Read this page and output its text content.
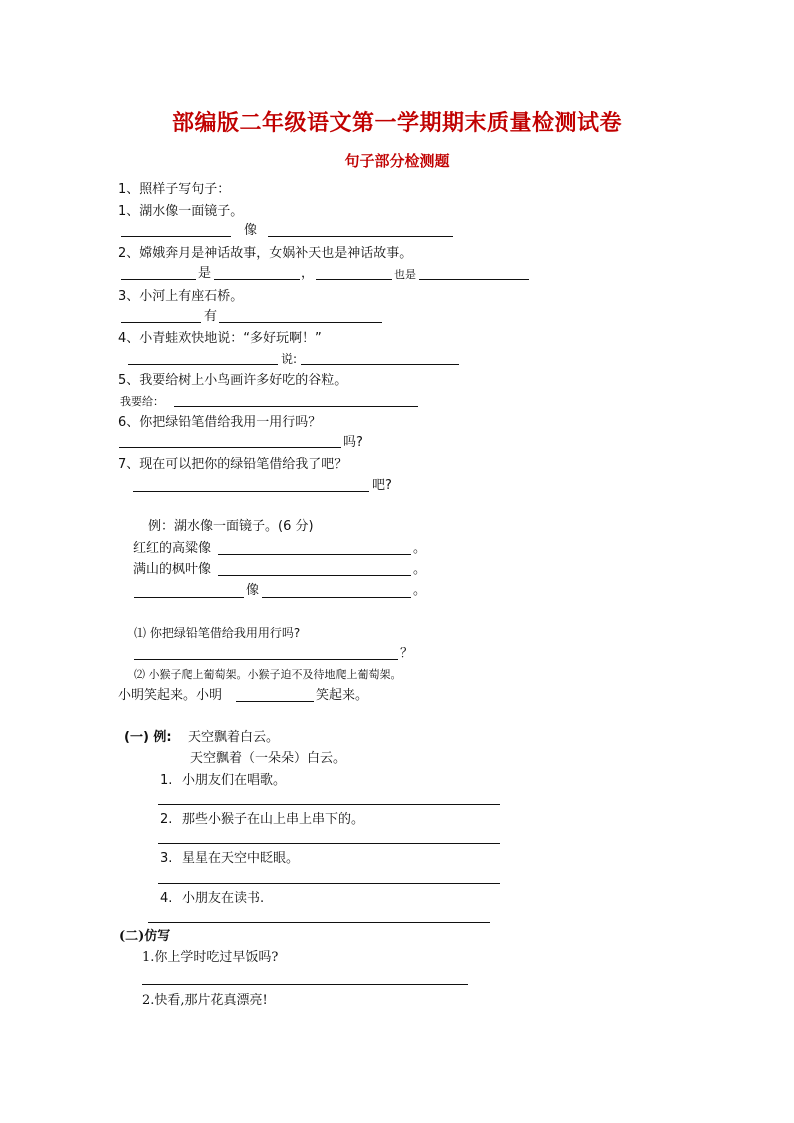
部编版二年级语文第一学期期末质量检测试卷
句子部分检测题
1、照样子写句子：
1、湖水像一面镜子。
像
2、嫦娥奔月是神话故事，女娲补天也是神话故事。
是	，	也是
3、小河上有座石桥。
有
4、小青蛙欢快地说：“多好玩啊！”
说:
5、我要给树上小鸟画许多好吃的谷粒。
我要给：
6、你把绿铅笔借给我用一用行吗？
吗?
7、现在可以把你的绿铅笔借给我了吧？
吧?
例：湖水像一面镜子。(6 分)
红红的高粱像	。
满山的枫叶像	。
像	。
⑴ 你把绿铅笔借给我用用行吗?
？
⑵ 小猴子爬上葡萄架。小猴子迫不及待地爬上葡萄架。
小明笑起来。小明	笑起来。
(一) 例: 天空飘着白云。
天空飘着（一朵朵）白云。
1. 小朋友们在唱歌。
2. 那些小猴子在山上串上串下的。
3. 星星在天空中眨眼。
4. 小朋友在读书.
(二)仿写
1.你上学时吃过早饭吗?
2.快看,那片花真漂亮!
